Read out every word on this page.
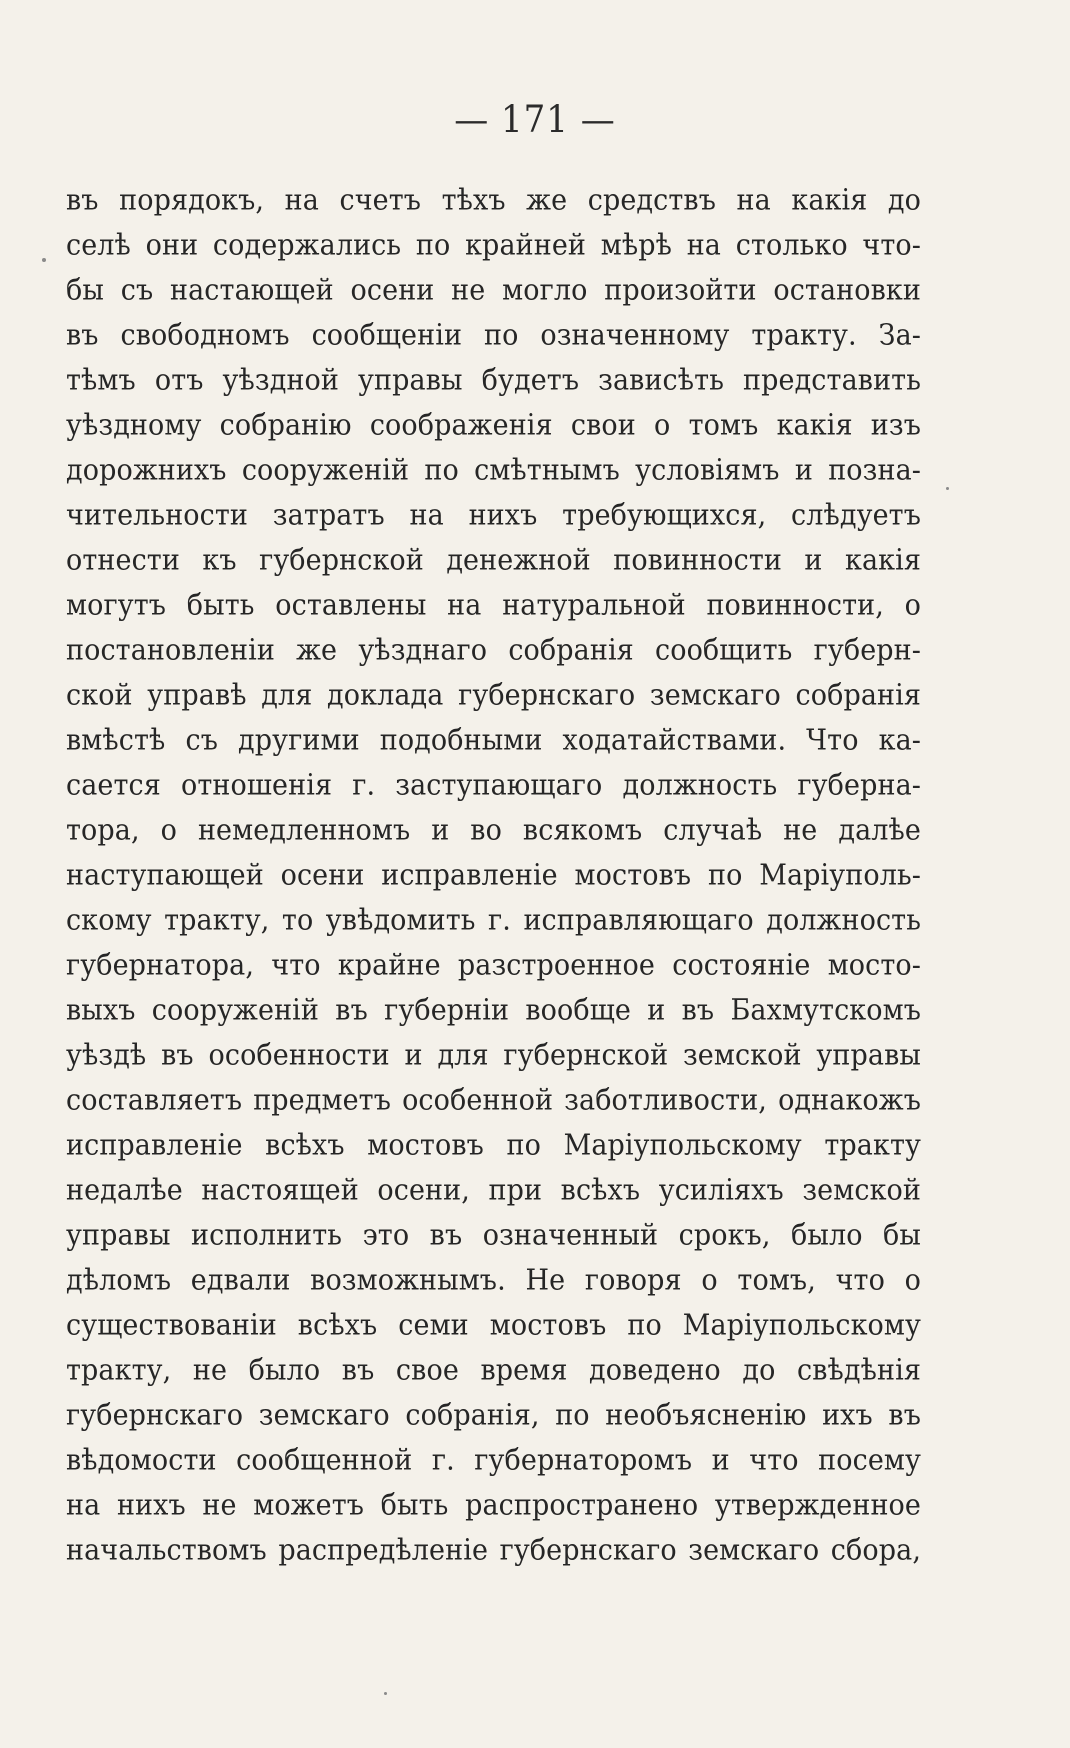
— 171 —

въ порядокъ, на счетъ тѣхъ же средствъ на какія до
селѣ они содержались по крайней мѣрѣ на столько что-
бы съ настающей осени не могло произойти остановки
въ свободномъ сообщеніи по означенному тракту. За-
тѣмъ отъ уѣздной управы будетъ зависѣть представить
уѣздному собранію соображенія свои о томъ какія изъ
дорожнихъ сооруженій по смѣтнымъ условіямъ и позна-
чительности затратъ на нихъ требующихся, слѣдуетъ
отнести къ губернской денежной повинности и какія
могутъ быть оставлены на натуральной повинности, о
постановленіи же уѣзднаго собранія сообщить губерн-
ской управѣ для доклада губернскаго земскаго собранія
вмѣстѣ съ другими подобными ходатайствами. Что ка-
сается отношенія г. заступающаго должность губерна-
тора, о немедленномъ и во всякомъ случаѣ не далѣе
наступающей осени исправленіе мостовъ по Маріуполь-
скому тракту, то увѣдомить г. исправляющаго должность
губернатора, что крайне разстроенное состояніе мосто-
выхъ сооруженій въ губерніи вообще и въ Бахмутскомъ
уѣздѣ въ особенности и для губернской земской управы
составляетъ предметъ особенной заботливости, однакожъ
исправленіе всѣхъ мостовъ по Маріупольскому тракту
недалѣе настоящей осени, при всѣхъ усиліяхъ земской
управы исполнить это въ означенный срокъ, было бы
дѣломъ едвали возможнымъ. Не говоря о томъ, что о
существованіи всѣхъ семи мостовъ по Маріупольскому
тракту, не было въ свое время доведено до свѣдѣнія
губернскаго земскаго собранія, по необъясненію ихъ въ
вѣдомости сообщенной г. губернаторомъ и что посему
на нихъ не можетъ быть распространено утвержденное
начальствомъ распредѣленіе губернскаго земскаго сбора,
